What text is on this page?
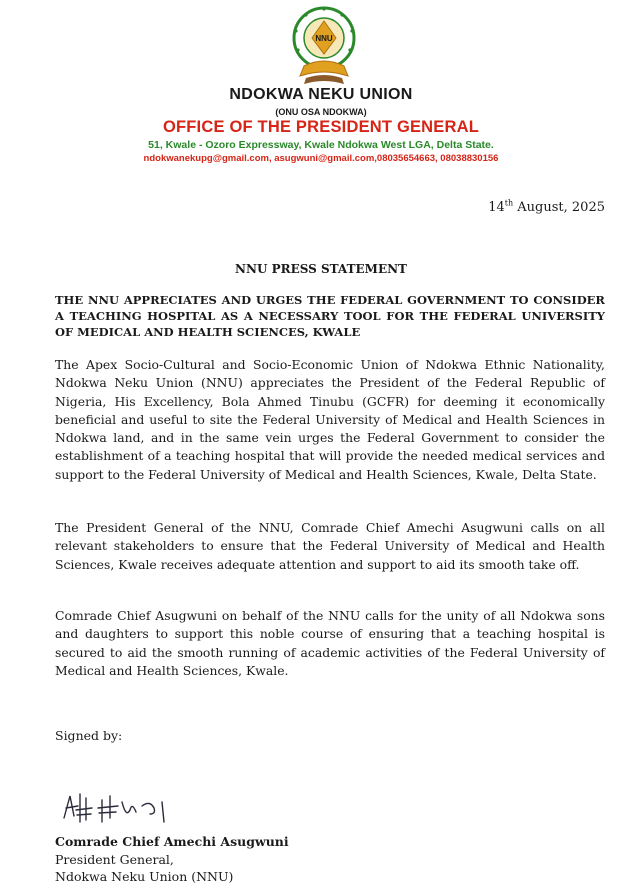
NNU
NDOKWA NEKU UNION
(ONU OSA NDOKWA)
OFFICE OF THE PRESIDENT GENERAL
51, Kwale - Ozoro Expressway, Kwale Ndokwa West LGA, Delta State.
ndokwanekupg@gmail.com, asugwuni@gmail.com,08035654663, 08038830156
14th August, 2025
NNU PRESS STATEMENT
THE NNU APPRECIATES AND URGES THE FEDERAL GOVERNMENT TO CONSIDER A TEACHING HOSPITAL AS A NECESSARY TOOL FOR THE FEDERAL UNIVERSITY OF MEDICAL AND HEALTH SCIENCES, KWALE

The Apex Socio-Cultural and Socio-Economic Union of Ndokwa Ethnic Nationality, Ndokwa Neku Union (NNU) appreciates the President of the Federal Republic of Nigeria, His Excellency, Bola Ahmed Tinubu (GCFR) for deeming it economically beneficial and useful to site the Federal University of Medical and Health Sciences in Ndokwa land, and in the same vein urges the Federal Government to consider the establishment of a teaching hospital that will provide the needed medical services and support to the Federal University of Medical and Health Sciences, Kwale, Delta State.

The President General of the NNU, Comrade Chief Amechi Asugwuni calls on all relevant stakeholders to ensure that the Federal University of Medical and Health Sciences, Kwale receives adequate attention and support to aid its smooth take off.

Comrade Chief Asugwuni on behalf of the NNU calls for the unity of all Ndokwa sons and daughters to support this noble course of ensuring that a teaching hospital is secured to aid the smooth running of academic activities of the Federal University of Medical and Health Sciences, Kwale.

Signed by:
Comrade Chief Amechi Asugwuni
President General,
Ndokwa Neku Union (NNU)
